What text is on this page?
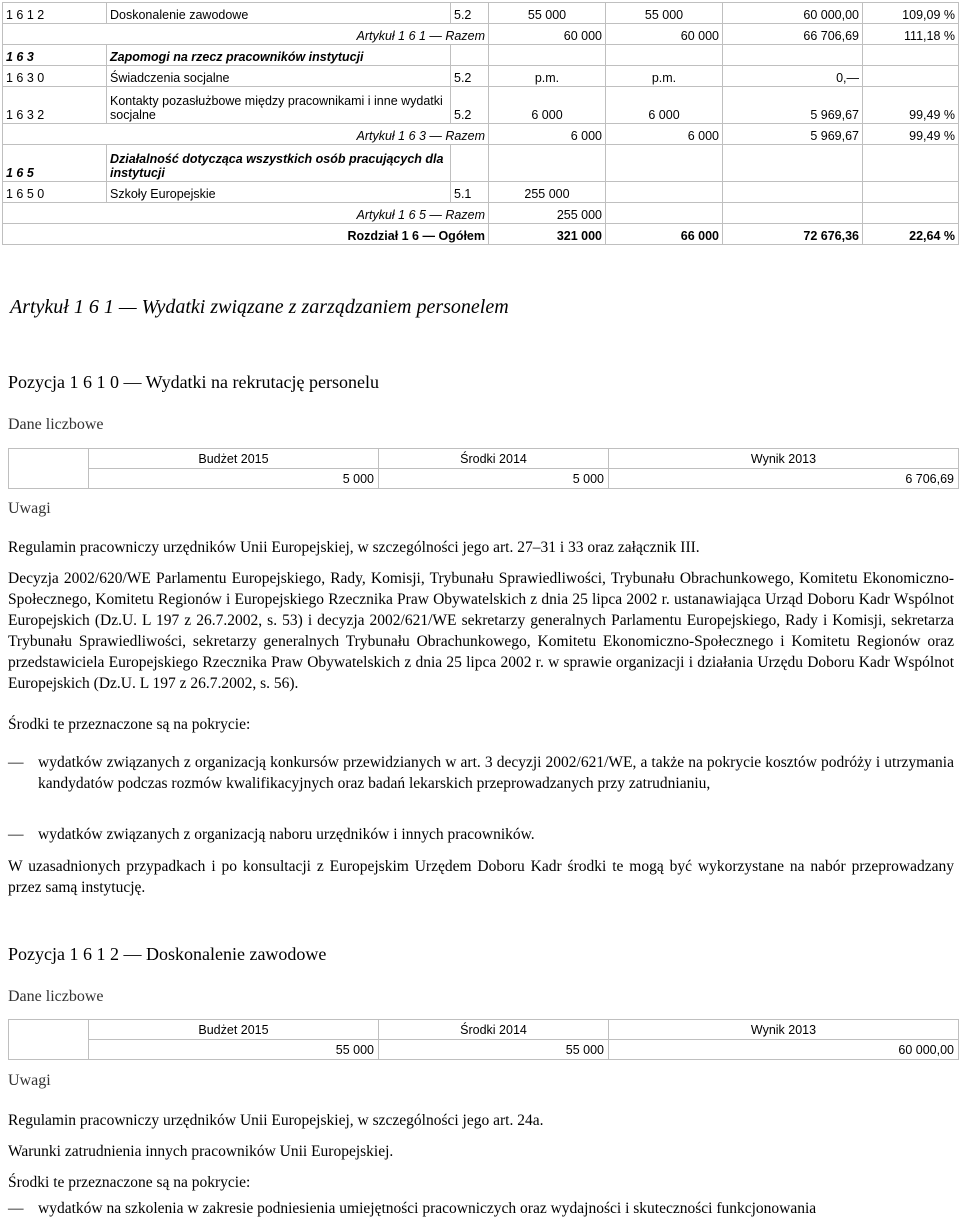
1 6 1 2	Doskonalenie zawodowe	5.2	55 000	55 000	60 000,00	109,09 %
Artykuł 1 6 1 — Razem			60 000	60 000	66 706,69	111,18 %
1 6 3	Zapomogi na rzecz pracowników instytucji					
1 6 3 0	Świadczenia socjalne	5.2	p.m.	p.m.	0,—	
1 6 3 2	Kontakty pozasłużbowe między pracownikami i inne wydatki socjalne	5.2	6 000	6 000	5 969,67	99,49 %
Artykuł 1 6 3 — Razem			6 000	6 000	5 969,67	99,49 %
1 6 5	Działalność dotycząca wszystkich osób pracujących dla instytucji					
1 6 5 0	Szkoły Europejskie	5.1	255 000			
Artykuł 1 6 5 — Razem			255 000			
Rozdział 1 6 — Ogółem			321 000	66 000	72 676,36	22,64 %
Artykuł 1 6 1 — Wydatki związane z zarządzaniem personelem
Pozycja 1 6 1 0 — Wydatki na rekrutację personelu
Dane liczbowe
	Budżet 2015	Środki 2014	Wynik 2013
	5 000	5 000	6 706,69
Uwagi
Regulamin pracowniczy urzędników Unii Europejskiej, w szczególności jego art. 27–31 i 33 oraz załącznik III.
Decyzja 2002/620/WE Parlamentu Europejskiego, Rady, Komisji, Trybunału Sprawiedliwości, Trybunału Obrachunkowego, Komitetu Ekonomiczno-Społecznego, Komitetu Regionów i Europejskiego Rzecznika Praw Obywatelskich z dnia 25 lipca 2002 r. ustanawiająca Urząd Doboru Kadr Wspólnot Europejskich (Dz.U. L 197 z 26.7.2002, s. 53) i decyzja 2002/621/WE sekretarzy generalnych Parlamentu Europejskiego, Rady i Komisji, sekretarza Trybunału Sprawiedliwości, sekretarzy generalnych Trybunału Obrachunkowego, Komitetu Ekonomiczno-Społecznego i Komitetu Regionów oraz przedstawiciela Europejskiego Rzecznika Praw Obywatelskich z dnia 25 lipca 2002 r. w sprawie organizacji i działania Urzędu Doboru Kadr Wspólnot Europejskich (Dz.U. L 197 z 26.7.2002, s. 56).
Środki te przeznaczone są na pokrycie:
— wydatków związanych z organizacją konkursów przewidzianych w art. 3 decyzji 2002/621/WE, a także na pokrycie kosztów podróży i utrzymania kandydatów podczas rozmów kwalifikacyjnych oraz badań lekarskich przeprowadzanych przy zatrudnianiu,
— wydatków związanych z organizacją naboru urzędników i innych pracowników.
W uzasadnionych przypadkach i po konsultacji z Europejskim Urzędem Doboru Kadr środki te mogą być wykorzystane na nabór przeprowadzany przez samą instytucję.
Pozycja 1 6 1 2 — Doskonalenie zawodowe
Dane liczbowe
	Budżet 2015	Środki 2014	Wynik 2013
	55 000	55 000	60 000,00
Uwagi
Regulamin pracowniczy urzędników Unii Europejskiej, w szczególności jego art. 24a.
Warunki zatrudnienia innych pracowników Unii Europejskiej.
Środki te przeznaczone są na pokrycie:
— wydatków na szkolenia w zakresie podniesienia umiejętności pracowniczych oraz wydajności i skuteczności funkcjonowania
